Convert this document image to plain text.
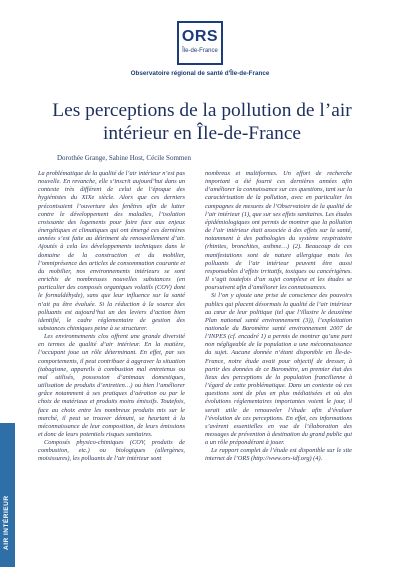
ORS
Île-de-France
Observatoire régional de santé d'Île-de-France
Les perceptions de la pollution de l’air
intérieur en Île-de-France
Dorothée Grange, Sabine Host, Cécile Sommen
AIR INTÉRIEUR

La problématique de la qualité de l’air intérieur n’est pas nouvelle. En revanche, elle s’inscrit aujourd’hui dans un contexte très différent de celui de l’époque des hygiénistes du XIXe siècle. Alors que ces derniers préconisaient l’ouverture des fenêtres afin de lutter contre le développement des maladies, l’isolation croissante des logements pour faire face aux enjeux énergétiques et climatiques qui ont émergé ces dernières années s’est faite au détriment du renouvellement d’air. Ajoutés à cela les développements techniques dans le domaine de la construction et du mobilier, l’omniprésence des articles de consommation courante et du mobilier, nos environnements intérieurs se sont enrichis de nombreuses nouvelles substances (en particulier des composés organiques volatils (COV) dont le formaldéhyde), sans que leur influence sur la santé n’ait pu être évaluée. Si la réduction à la source des polluants est aujourd’hui un des leviers d’action bien identifié, le cadre réglementaire de gestion des substances chimiques peine à se structurer.

Les environnements clos offrent une grande diversité en termes de qualité d’air intérieur. En la matière, l’occupant joue un rôle déterminant. En effet, par ses comportements, il peut contribuer à aggraver la situation (tabagisme, appareils à combustion mal entretenus ou mal utilisés, possession d’animaux domestiques, utilisation de produits d’entretien…) ou bien l’améliorer grâce notamment à ses pratiques d’aération ou par le choix de matériaux et produits moins émissifs. Toutefois, face au choix entre les nombreux produits mis sur le marché, il peut se trouver démuni, se heurtant à la méconnaissance de leur composition, de leurs émissions et donc de leurs potentiels risques sanitaires.

Composés physico-chimiques (COV, produits de combustion, etc.) ou biologiques (allergènes, moisissures), les polluants de l’air intérieur sont

nombreux et multiformes. Un effort de recherche important a été fourni ces dernières années afin d’améliorer la connaissance sur ces questions, tant sur la caractérisation de la pollution, avec en particulier les campagnes de mesures de l’Observatoire de la qualité de l’air intérieur (1), que sur ses effets sanitaires. Les études épidémiologiques ont permis de montrer que la pollution de l’air intérieur était associée à des effets sur la santé, notamment à des pathologies du système respiratoire (rhinites, bronchites, asthme…) (2). Beaucoup de ces manifestations sont de nature allergique mais les polluants de l’air intérieur peuvent être aussi responsables d’effets irritatifs, toxiques ou cancérigènes. Il s’agit toutefois d’un sujet complexe et les études se poursuivent afin d’améliorer les connaissances.

Si l’on y ajoute une prise de conscience des pouvoirs publics qui placent désormais la qualité de l’air intérieur au cœur de leur politique (tel que l’illustre le deuxième Plan national santé environnement (3)), l’exploitation nationale du Baromètre santé environnement 2007 de l’INPES (cf. encadré 1) a permis de montrer qu’une part non négligeable de la population a une méconnaissance du sujet. Aucune donnée n’étant disponible en Île-de-France, notre étude avait pour objectif de dresser, à partir des données de ce Baromètre, un premier état des lieux des perceptions de la population francilienne à l’égard de cette problématique. Dans un contexte où ces questions sont de plus en plus médiatisées et où des évolutions réglementaires importantes voient le jour, il serait utile de renouveler l’étude afin d’évaluer l’évolution de ces perceptions. En effet, ces informations s’avèrent essentielles en vue de l’élaboration des messages de prévention à destination du grand public qui a un rôle prépondérant à jouer.

Le rapport complet de l’étude est disponible sur le site internet de l’ORS (http://www.ors-idf.org) (4).
